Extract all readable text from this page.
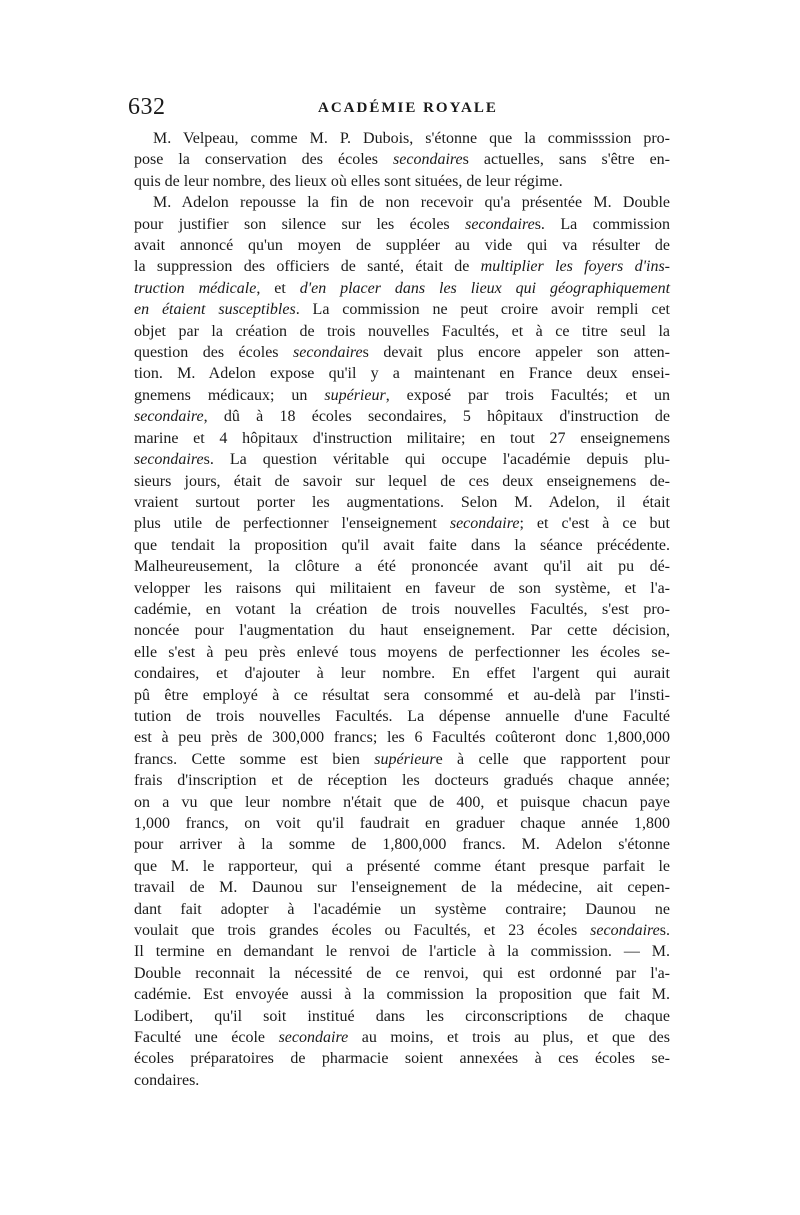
632	ACADÉMIE ROYALE
M. Velpeau, comme M. P. Dubois, s'étonne que la commisssion pro-
pose la conservation des écoles secondaires actuelles, sans s'être en-
quis de leur nombre, des lieux où elles sont situées, de leur régime.
M. Adelon repousse la fin de non recevoir qu'a présentée M. Double
pour justifier son silence sur les écoles secondaires. La commission
avait annoncé qu'un moyen de suppléer au vide qui va résulter de
la suppression des officiers de santé, était de multiplier les foyers d'ins-
truction médicale, et d'en placer dans les lieux qui géographiquement
en étaient susceptibles. La commission ne peut croire avoir rempli cet
objet par la création de trois nouvelles Facultés, et à ce titre seul la
question des écoles secondaires devait plus encore appeler son atten-
tion. M. Adelon expose qu'il y a maintenant en France deux ensei-
gnemens médicaux; un supérieur, exposé par trois Facultés; et un
secondaire, dû à 18 écoles secondaires, 5 hôpitaux d'instruction de
marine et 4 hôpitaux d'instruction militaire; en tout 27 enseignemens
secondaires. La question véritable qui occupe l'académie depuis plu-
sieurs jours, était de savoir sur lequel de ces deux enseignemens de-
vraient surtout porter les augmentations. Selon M. Adelon, il était
plus utile de perfectionner l'enseignement secondaire; et c'est à ce but
que tendait la proposition qu'il avait faite dans la séance précédente.
Malheureusement, la clôture a été prononcée avant qu'il ait pu dé-
velopper les raisons qui militaient en faveur de son système, et l'a-
cadémie, en votant la création de trois nouvelles Facultés, s'est pro-
noncée pour l'augmentation du haut enseignement. Par cette décision,
elle s'est à peu près enlevé tous moyens de perfectionner les écoles se-
condaires, et d'ajouter à leur nombre. En effet l'argent qui aurait
pû être employé à ce résultat sera consommé et au-delà par l'insti-
tution de trois nouvelles Facultés. La dépense annuelle d'une Faculté
est à peu près de 300,000 francs; les 6 Facultés coûteront donc 1,800,000
francs. Cette somme est bien supérieure à celle que rapportent pour
frais d'inscription et de réception les docteurs gradués chaque année;
on a vu que leur nombre n'était que de 400, et puisque chacun paye
1,000 francs, on voit qu'il faudrait en graduer chaque année 1,800
pour arriver à la somme de 1,800,000 francs. M. Adelon s'étonne
que M. le rapporteur, qui a présenté comme étant presque parfait le
travail de M. Daunou sur l'enseignement de la médecine, ait cepen-
dant fait adopter à l'académie un système contraire; Daunou ne
voulait que trois grandes écoles ou Facultés, et 23 écoles secondaires.
Il termine en demandant le renvoi de l'article à la commission. — M.
Double reconnait la nécessité de ce renvoi, qui est ordonné par l'a-
cadémie. Est envoyée aussi à la commission la proposition que fait M.
Lodibert, qu'il soit institué dans les circonscriptions de chaque
Faculté une école secondaire au moins, et trois au plus, et que des
écoles préparatoires de pharmacie soient annexées à ces écoles se-
condaires.
